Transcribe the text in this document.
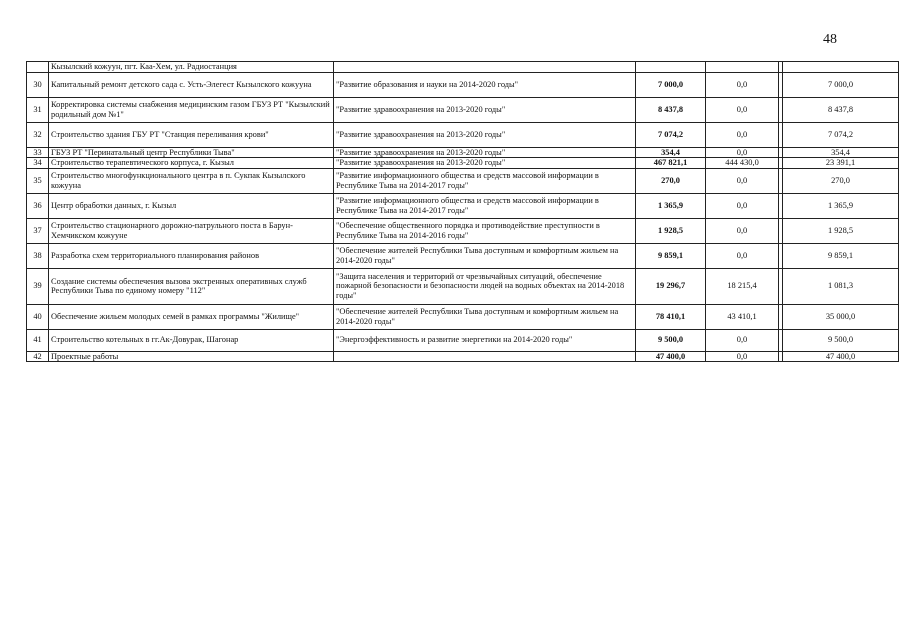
48
	Кызылский кожуун, пгт. Каа-Хем, ул. Радиостанция					
30	Капитальный ремонт детского сада с. Усть-Элегест Кызылского кожууна	"Развитие образования и науки на 2014-2020 годы"	7 000,0	0,0		7 000,0
31	Корректировка системы снабжения медицинским газом ГБУЗ РТ "Кызылский родильный дом №1"	"Развитие здравоохранения на 2013-2020 годы"	8 437,8	0,0		8 437,8
32	Строительство здания ГБУ РТ "Станция переливания крови"	"Развитие здравоохранения на 2013-2020 годы"	7 074,2	0,0		7 074,2
33	ГБУЗ РТ "Перинатальный центр Республики Тыва"	"Развитие здравоохранения на 2013-2020 годы"	354,4	0,0		354,4
34	Строительство терапевтического корпуса, г. Кызыл	"Развитие здравоохранения на 2013-2020 годы"	467 821,1	444 430,0		23 391,1
35	Строительство многофункционального центра в п. Сукпак Кызылского кожууна	"Развитие информационного общества и средств массовой информации в Республике Тыва на 2014-2017 годы"	270,0	0,0		270,0
36	Центр обработки данных, г. Кызыл	"Развитие информационного общества и средств массовой информации в Республике Тыва на 2014-2017 годы"	1 365,9	0,0		1 365,9
37	Строительство стационарного дорожно-патрульного поста в Барун-Хемчикском кожууне	"Обеспечение общественного порядка и противодействие преступности в Республике Тыва на 2014-2016 годы"	1 928,5	0,0		1 928,5
38	Разработка схем территориального планирования районов	"Обеспечение жителей Республики Тыва доступным и комфортным жильем на 2014-2020 годы"	9 859,1	0,0		9 859,1
39	Создание системы обеспечения вызова экстренных оперативных служб Республики Тыва по единому номеру "112"	"Защита населения и территорий от чрезвычайных ситуаций, обеспечение пожарной безопасности и безопасности людей на водных объектах на 2014-2018 годы"	19 296,7	18 215,4		1 081,3
40	Обеспечение жильем молодых семей в рамках программы "Жилище"	"Обеспечение жителей Республики Тыва доступным и комфортным жильем на 2014-2020 годы"	78 410,1	43 410,1		35 000,0
41	Строительство котельных в гг.Ак-Довурак, Шагонар	"Энергоэффективность и развитие энергетики на 2014-2020 годы"	9 500,0	0,0		9 500,0
42	Проектные работы		47 400,0	0,0		47 400,0
